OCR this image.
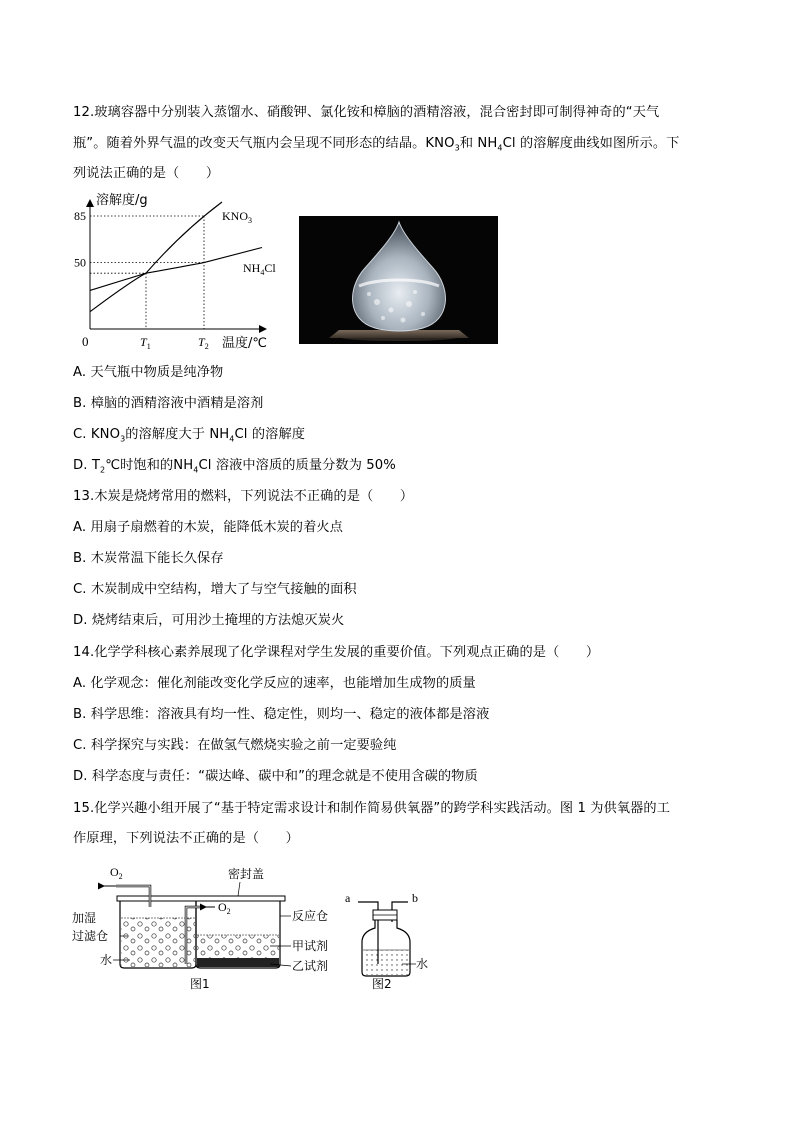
12.玻璃容器中分别装入蒸馏水、硝酸钾、氯化铵和樟脑的酒精溶液，混合密封即可制得神奇的“天气
瓶”。随着外界气温的改变天气瓶内会呈现不同形态的结晶。$KNO_3$和 $NH_4Cl$ 的溶解度曲线如图所示。下
列说法正确的是（　　）
溶解度/g
温度/℃
0
50
85
$T_1$	$T_2$
$KNO_3$
$NH_4Cl$
A. 天气瓶中物质是纯净物
B. 樟脑的酒精溶液中酒精是溶剂
C. $KNO_3$的溶解度大于 $NH_4Cl$ 的溶解度
D. $T_2℃$时饱和的$NH_4Cl$ 溶液中溶质的质量分数为 50%
13.木炭是烧烤常用的燃料，下列说法不正确的是（　　）
A. 用扇子扇燃着的木炭，能降低木炭的着火点
B. 木炭常温下能长久保存
C. 木炭制成中空结构，增大了与空气接触的面积
D. 烧烤结束后，可用沙土掩埋的方法熄灭炭火
14.化学学科核心素养展现了化学课程对学生发展的重要价值。下列观点正确的是（　　）
A. 化学观念：催化剂能改变化学反应的速率，也能增加生成物的质量
B. 科学思维：溶液具有均一性、稳定性，则均一、稳定的液体都是溶液
C. 科学探究与实践：在做氢气燃烧实验之前一定要验纯
D. 科学态度与责任：“碳达峰、碳中和”的理念就是不使用含碳的物质
15.化学兴趣小组开展了“基于特定需求设计和制作简易供氧器”的跨学科实践活动。图 1 为供氧器的工
作原理，下列说法不正确的是（　　）
$O_2$
$O_2$
密封盖
加湿
过滤仓
水
反应仓
甲试剂
乙试剂
图1
a	b
水
图2
